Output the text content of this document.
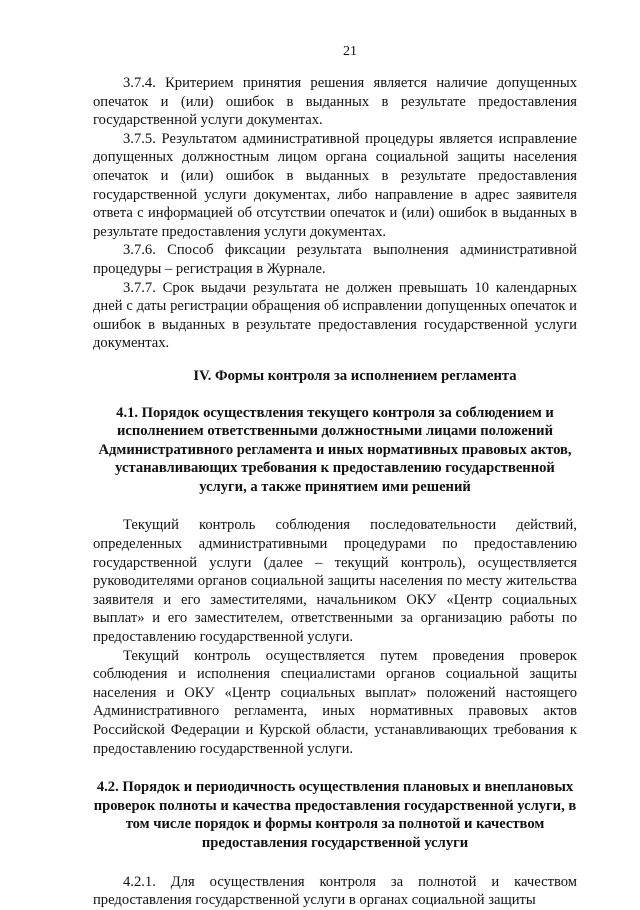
21

3.7.4. Критерием принятия решения является наличие допущенных опечаток и (или) ошибок в выданных в результате предоставления государственной услуги документах.

3.7.5. Результатом административной процедуры является исправление допущенных должностным лицом органа социальной защиты населения опечаток и (или) ошибок в выданных в результате предоставления государственной услуги документах, либо направление в адрес заявителя ответа с информацией об отсутствии опечаток и (или) ошибок в выданных в результате предоставления услуги документах.

3.7.6. Способ фиксации результата выполнения административной процедуры – регистрация в Журнале.

3.7.7. Срок выдачи результата не должен превышать 10 календарных дней с даты регистрации обращения об исправлении допущенных опечаток и ошибок в выданных в результате предоставления государственной услуги документах.

IV. Формы контроля за исполнением регламента
4.1. Порядок осуществления текущего контроля за соблюдением и исполнением ответственными должностными лицами положений Административного регламента и иных нормативных правовых актов, устанавливающих требования к предоставлению государственной услуги, а также принятием ими решений

Текущий контроль соблюдения последовательности действий, определенных административными процедурами по предоставлению государственной услуги (далее – текущий контроль), осуществляется руководителями органов социальной защиты населения по месту жительства заявителя и его заместителями, начальником ОКУ «Центр социальных выплат» и его заместителем, ответственными за организацию работы по предоставлению государственной услуги.

Текущий контроль осуществляется путем проведения проверок соблюдения и исполнения специалистами органов социальной защиты населения и ОКУ «Центр социальных выплат» положений настоящего Административного регламента, иных нормативных правовых актов Российской Федерации и Курской области, устанавливающих требования к предоставлению государственной услуги.

4.2. Порядок и периодичность осуществления плановых и внеплановых проверок полноты и качества предоставления государственной услуги, в том числе порядок и формы контроля за полнотой и качеством предоставления государственной услуги

4.2.1. Для осуществления контроля за полнотой и качеством предоставления государственной услуги в органах социальной защиты
